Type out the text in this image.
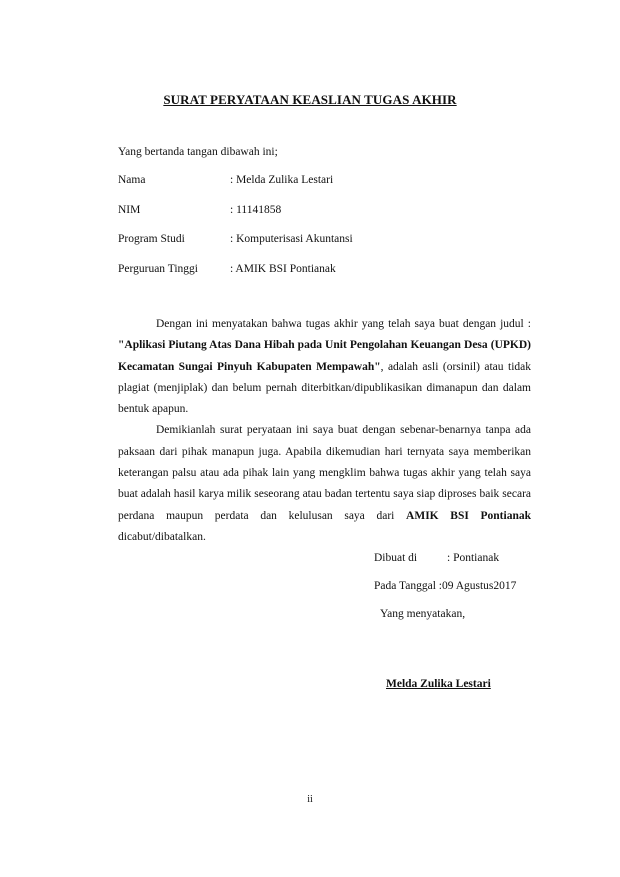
SURAT PERYATAAN KEASLIAN TUGAS AKHIR
Yang bertanda tangan dibawah ini;
Nama	: Melda Zulika Lestari
NIM	: 11141858
Program Studi	: Komputerisasi Akuntansi
Perguruan Tinggi	: AMIK BSI Pontianak

Dengan ini menyatakan bahwa tugas akhir yang telah saya buat dengan judul : "Aplikasi Piutang Atas Dana Hibah pada Unit Pengolahan Keuangan Desa (UPKD) Kecamatan Sungai Pinyuh Kabupaten Mempawah", adalah asli (orsinil) atau tidak plagiat (menjiplak) dan belum pernah diterbitkan/dipublikasikan dimanapun dan dalam bentuk apapun.

Demikianlah surat peryataan ini saya buat dengan sebenar-benarnya tanpa ada paksaan dari pihak manapun juga. Apabila dikemudian hari ternyata saya memberikan keterangan palsu atau ada pihak lain yang mengklim bahwa tugas akhir yang telah saya buat adalah hasil karya milik seseorang atau badan tertentu saya siap diproses baik secara perdana maupun perdata dan kelulusan saya dari AMIK BSI Pontianak dicabut/dibatalkan.

Dibuat di	: Pontianak
Pada Tanggal :09 Agustus2017
Yang menyatakan,
Melda Zulika Lestari
ii
